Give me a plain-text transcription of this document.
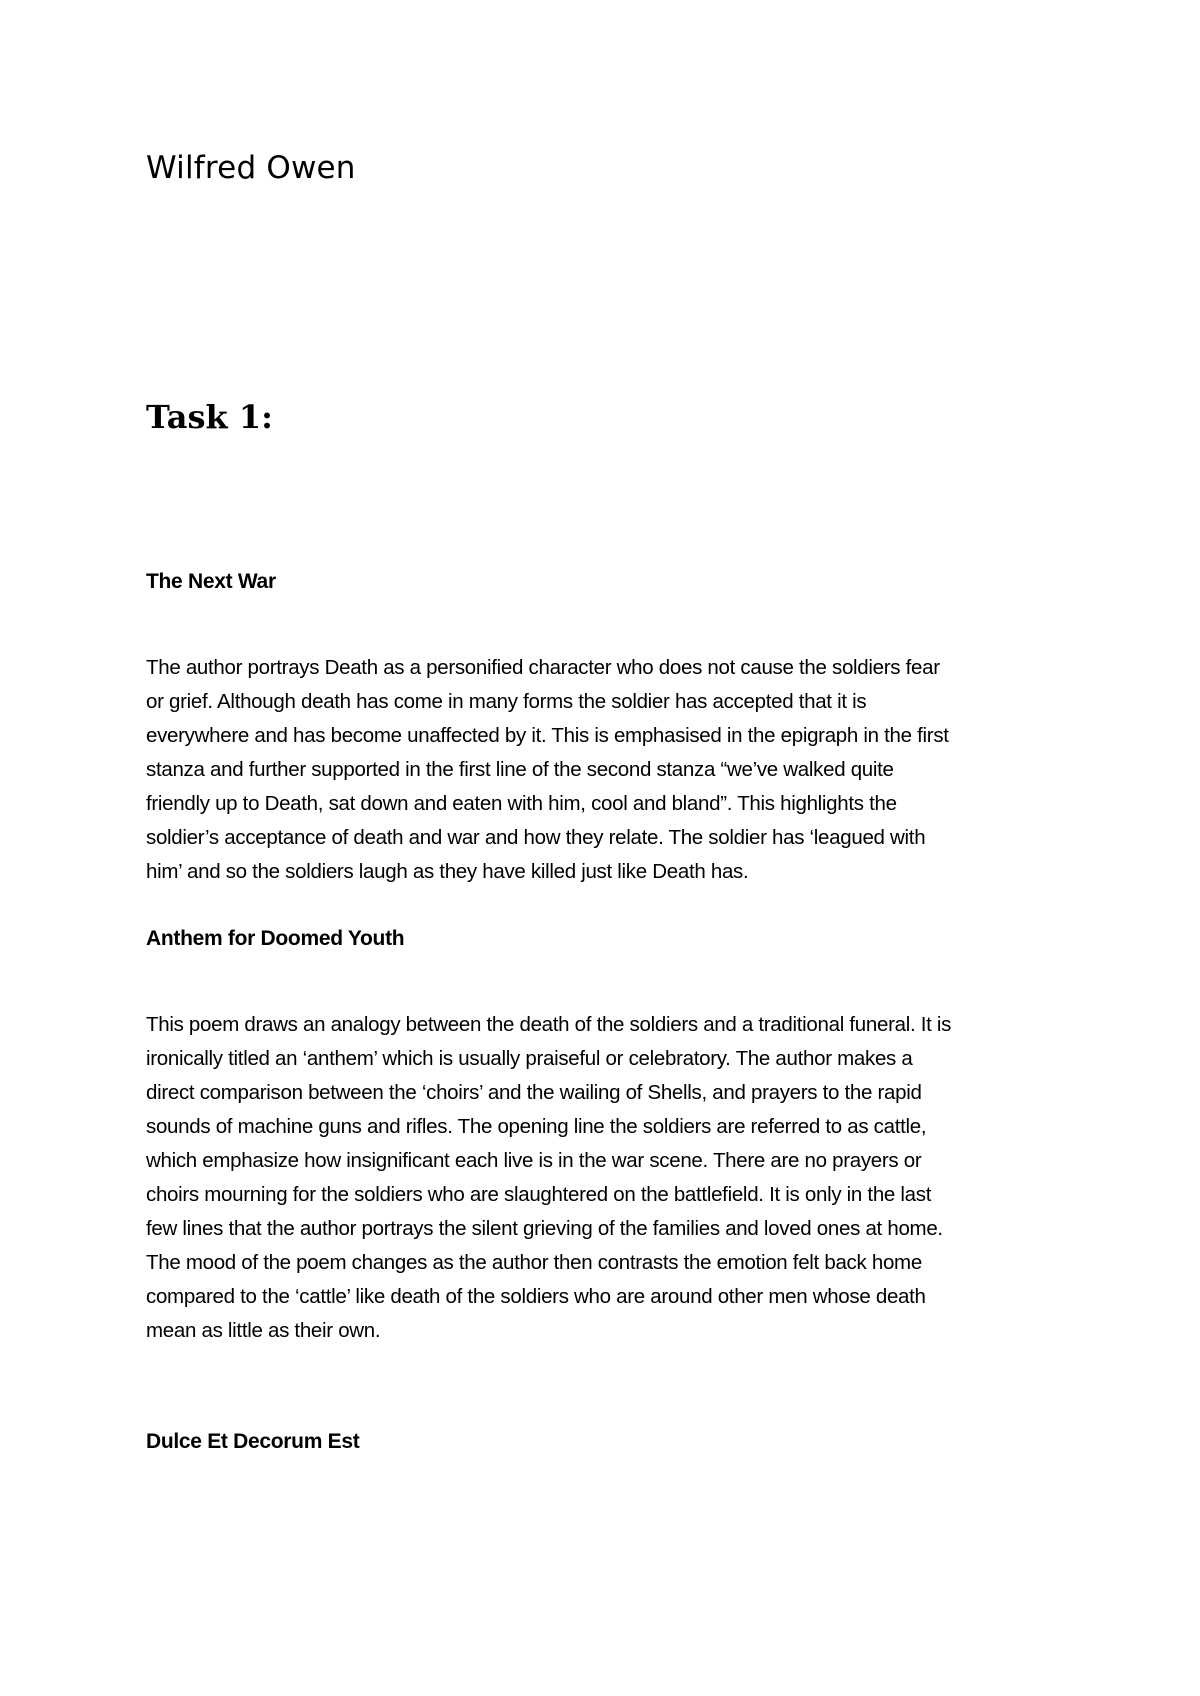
Wilfred Owen
Task 1:
The Next War

The author portrays Death as a personified character who does not cause the soldiers fear
or grief. Although death has come in many forms the soldier has accepted that it is
everywhere and has become unaffected by it. This is emphasised in the epigraph in the first
stanza and further supported in the first line of the second stanza “we’ve walked quite
friendly up to Death, sat down and eaten with him, cool and bland”. This highlights the
soldier’s acceptance of death and war and how they relate. The soldier has ‘leagued with
him’ and so the soldiers laugh as they have killed just like Death has.

Anthem for Doomed Youth

This poem draws an analogy between the death of the soldiers and a traditional funeral. It is
ironically titled an ‘anthem’ which is usually praiseful or celebratory. The author makes a
direct comparison between the ‘choirs’ and the wailing of Shells, and prayers to the rapid
sounds of machine guns and rifles. The opening line the soldiers are referred to as cattle,
which emphasize how insignificant each live is in the war scene. There are no prayers or
choirs mourning for the soldiers who are slaughtered on the battlefield. It is only in the last
few lines that the author portrays the silent grieving of the families and loved ones at home.
The mood of the poem changes as the author then contrasts the emotion felt back home
compared to the ‘cattle’ like death of the soldiers who are around other men whose death
mean as little as their own.

Dulce Et Decorum Est
